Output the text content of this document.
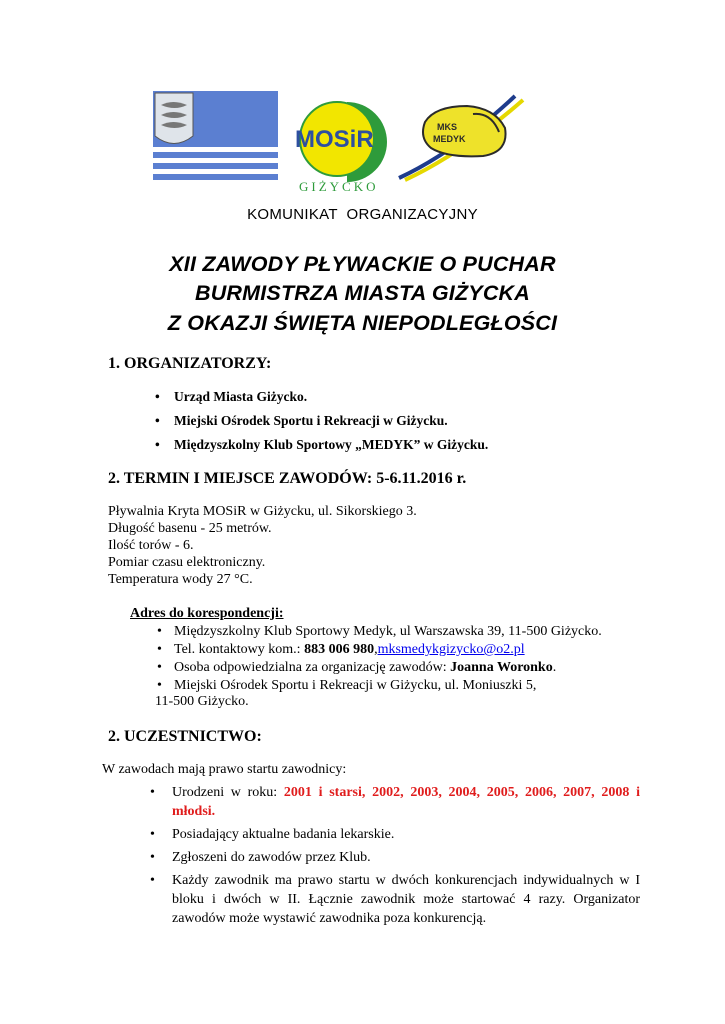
MOSiR
GIŻYCKO
MKS
MEDYK
KOMUNIKAT  ORGANIZACYJNY
XII ZAWODY PŁYWACKIE O PUCHAR
BURMISTRZA MIASTA GIŻYCKA
Z OKAZJI ŚWIĘTA NIEPODLEGŁOŚCI
1. ORGANIZATORZY:
• Urząd Miasta Giżycko.
• Miejski Ośrodek Sportu i Rekreacji w Giżycku.
• Międzyszkolny Klub Sportowy „MEDYK” w Giżycku.
2. TERMIN I MIEJSCE ZAWODÓW: 5-6.11.2016 r.
Pływalnia Kryta MOSiR w Giżycku, ul. Sikorskiego 3.
Długość basenu - 25 metrów.
Ilość torów - 6.
Pomiar czasu elektroniczny.
Temperatura wody 27 °C.
Adres do korespondencji:
• Międzyszkolny Klub Sportowy Medyk, ul Warszawska 39, 11-500 Giżycko.
• Tel. kontaktowy kom.: 883 006 980,mksmedykgizycko@o2.pl
• Osoba odpowiedzialna za organizację zawodów: Joanna Woronko.
• Miejski Ośrodek Sportu i Rekreacji w Giżycku, ul. Moniuszki 5,
11-500 Giżycko.
2. UCZESTNICTWO:
W zawodach mają prawo startu zawodnicy:
• Urodzeni w roku: 2001 i starsi, 2002, 2003, 2004, 2005, 2006, 2007, 2008 i młodsi.
• Posiadający aktualne badania lekarskie.
• Zgłoszeni do zawodów przez Klub.
• Każdy zawodnik ma prawo startu w dwóch konkurencjach indywidualnych w I bloku i dwóch w II. Łącznie zawodnik może startować 4 razy. Organizator zawodów może wystawić zawodnika poza konkurencją.
